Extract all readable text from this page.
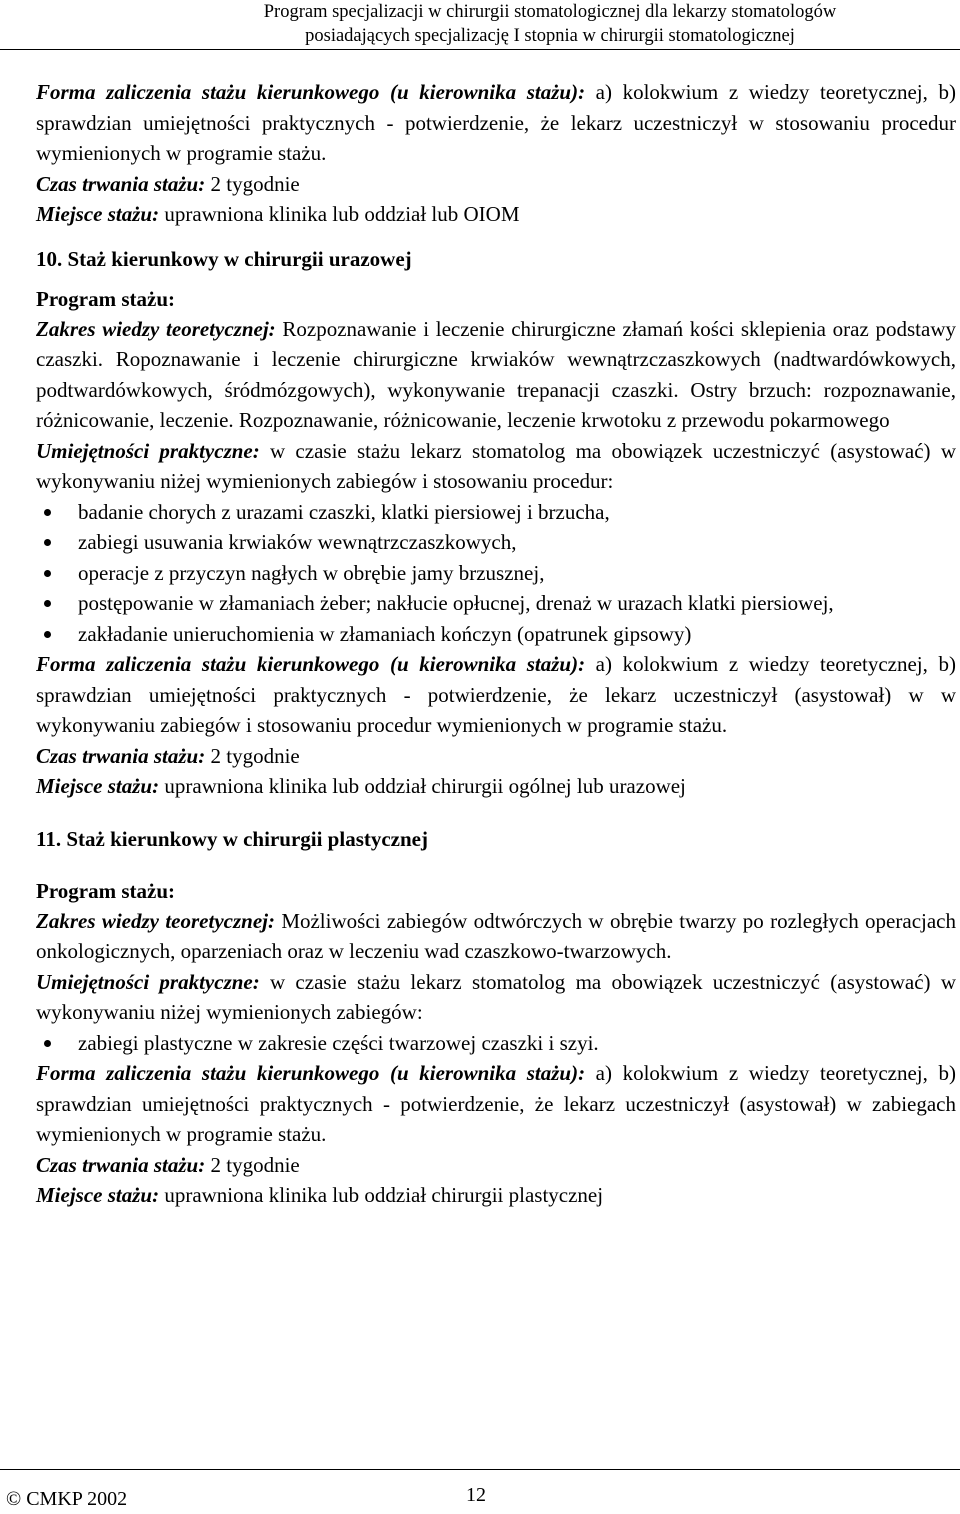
Program specjalizacji w chirurgii stomatologicznej dla lekarzy stomatologów
posiadających specjalizację I stopnia w chirurgii stomatologicznej

Forma zaliczenia stażu kierunkowego (u kierownika stażu): a) kolokwium z wiedzy teoretycznej, b) sprawdzian umiejętności praktycznych - potwierdzenie, że lekarz uczestniczył w stosowaniu procedur wymienionych w programie stażu.

Czas trwania stażu: 2 tygodnie

Miejsce stażu: uprawniona klinika lub oddział lub OIOM

10. Staż kierunkowy w chirurgii urazowej

Program stażu:

Zakres wiedzy teoretycznej: Rozpoznawanie i leczenie chirurgiczne złamań kości sklepienia oraz podstawy czaszki. Ropoznawanie i leczenie chirurgiczne krwiaków wewnątrzczaszkowych (nadtwardówkowych, podtwardówkowych, śródmózgowych), wykonywanie trepanacji czaszki. Ostry brzuch: rozpoznawanie, różnicowanie, leczenie. Rozpoznawanie, różnicowanie, leczenie krwotoku z przewodu pokarmowego

Umiejętności praktyczne: w czasie stażu lekarz stomatolog ma obowiązek uczestniczyć (asystować) w wykonywaniu niżej wymienionych zabiegów i stosowaniu procedur:

badanie chorych z urazami czaszki, klatki piersiowej i brzucha,
zabiegi usuwania krwiaków wewnątrzczaszkowych,
operacje z przyczyn nagłych w obrębie jamy brzusznej,
postępowanie w złamaniach żeber; nakłucie opłucnej, drenaż w urazach klatki piersiowej,
zakładanie unieruchomienia w złamaniach kończyn (opatrunek gipsowy)

Forma zaliczenia stażu kierunkowego (u kierownika stażu): a) kolokwium z wiedzy teoretycznej, b) sprawdzian umiejętności praktycznych - potwierdzenie, że lekarz uczestniczył (asystował) w w wykonywaniu zabiegów i stosowaniu procedur wymienionych w programie stażu.

Czas trwania stażu: 2 tygodnie

Miejsce stażu: uprawniona klinika lub oddział chirurgii ogólnej lub urazowej

11. Staż kierunkowy w chirurgii plastycznej

Program stażu:

Zakres wiedzy teoretycznej: Możliwości zabiegów odtwórczych w obrębie twarzy po rozległych operacjach onkologicznych, oparzeniach oraz w leczeniu wad czaszkowo-twarzowych.

Umiejętności praktyczne: w czasie stażu lekarz stomatolog ma obowiązek uczestniczyć (asystować) w wykonywaniu niżej wymienionych zabiegów:

zabiegi plastyczne w zakresie części twarzowej czaszki i szyi.

Forma zaliczenia stażu kierunkowego (u kierownika stażu): a) kolokwium z wiedzy teoretycznej, b) sprawdzian umiejętności praktycznych - potwierdzenie, że lekarz uczestniczył (asystował) w zabiegach wymienionych w programie stażu.

Czas trwania stażu: 2 tygodnie

Miejsce stażu: uprawniona klinika lub oddział chirurgii plastycznej

© CMKP 2002	12
